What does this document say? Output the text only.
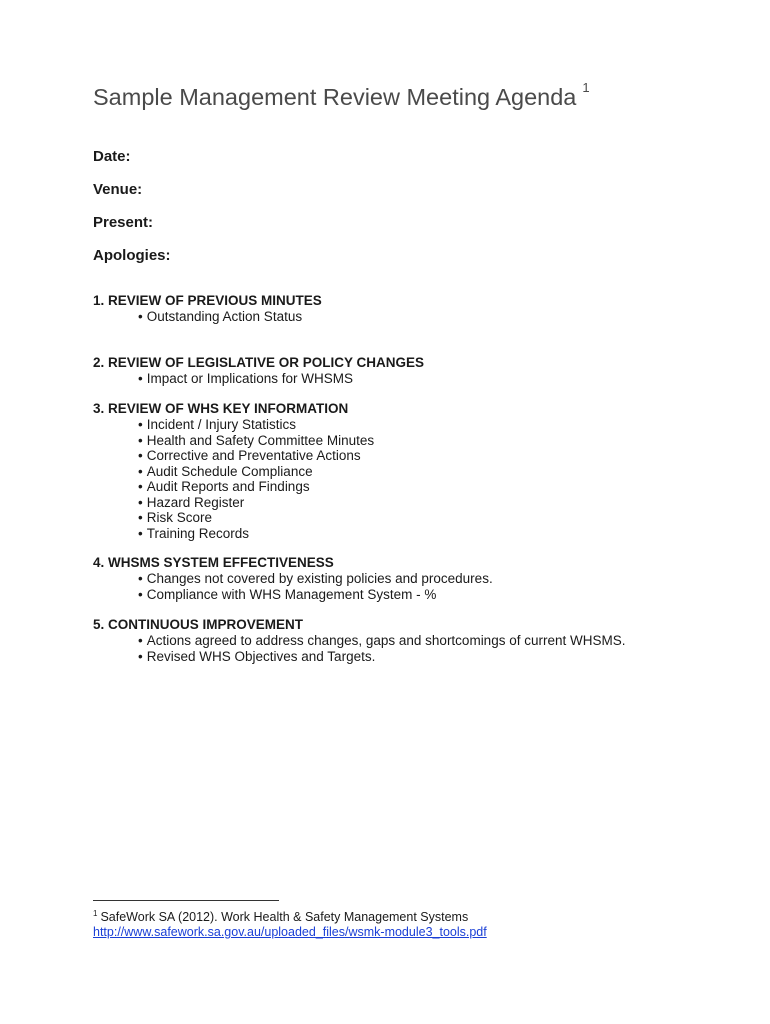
Sample Management Review Meeting Agenda $^1$
Date:
Venue:
Present:
Apologies:

1. REVIEW OF PREVIOUS MINUTES

• Outstanding Action Status

2. REVIEW OF LEGISLATIVE OR POLICY CHANGES

• Impact or Implications for WHSMS

3. REVIEW OF WHS KEY INFORMATION

• Incident / Injury Statistics
• Health and Safety Committee Minutes
• Corrective and Preventative Actions
• Audit Schedule Compliance
• Audit Reports and Findings
• Hazard Register
• Risk Score
• Training Records

4. WHSMS SYSTEM EFFECTIVENESS

• Changes not covered by existing policies and procedures.
• Compliance with WHS Management System - %

5. CONTINUOUS IMPROVEMENT

• Actions agreed to address changes, gaps and shortcomings of current WHSMS.
• Revised WHS Objectives and Targets.
$^1$ SafeWork SA (2012). Work Health & Safety Management Systems
http://www.safework.sa.gov.au/uploaded_files/wsmk-module3_tools.pdf
